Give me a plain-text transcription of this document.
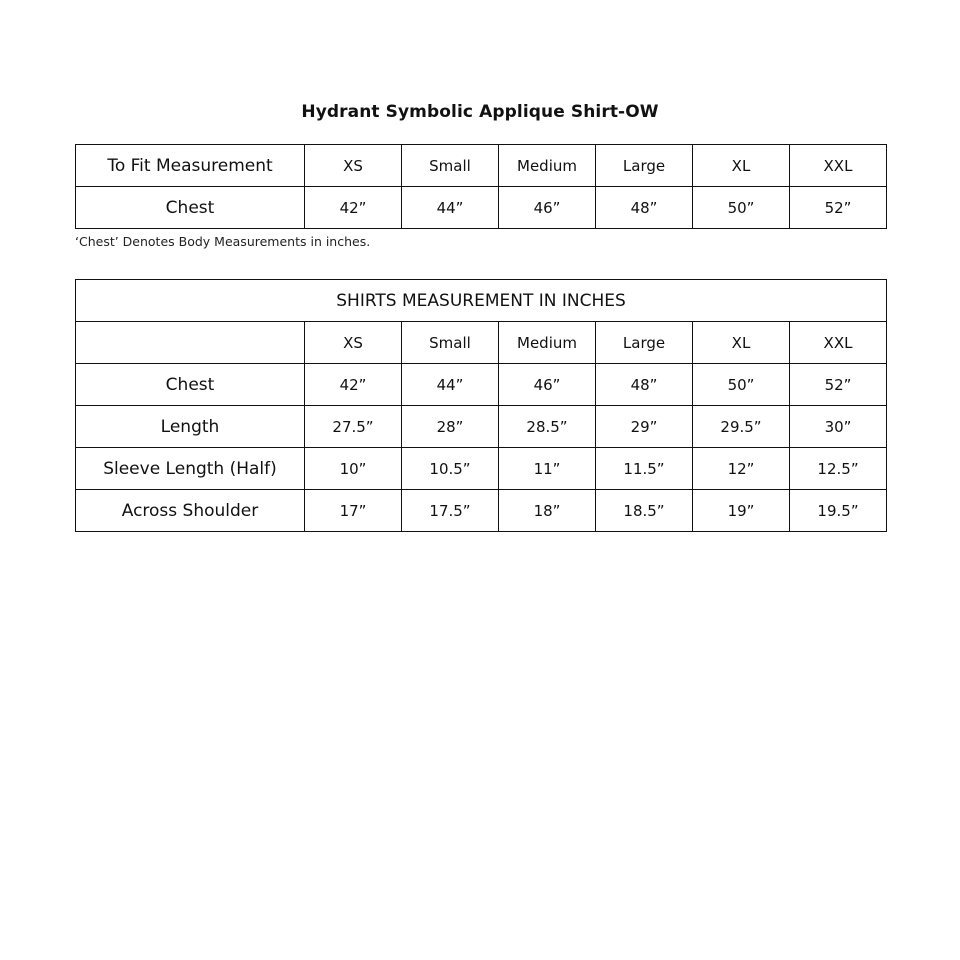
Hydrant Symbolic Applique Shirt-OW
To Fit Measurement	XS	Small	Medium	Large	XL	XXL
Chest	42”	44”	46”	48”	50”	52”
‘Chest’ Denotes Body Measurements in inches.
SHIRTS MEASUREMENT IN INCHES						
	XS	Small	Medium	Large	XL	XXL
Chest	42”	44”	46”	48”	50”	52”
Length	27.5”	28”	28.5”	29”	29.5”	30”
Sleeve Length (Half)	10”	10.5”	11”	11.5”	12”	12.5”
Across Shoulder	17”	17.5”	18”	18.5”	19”	19.5”
